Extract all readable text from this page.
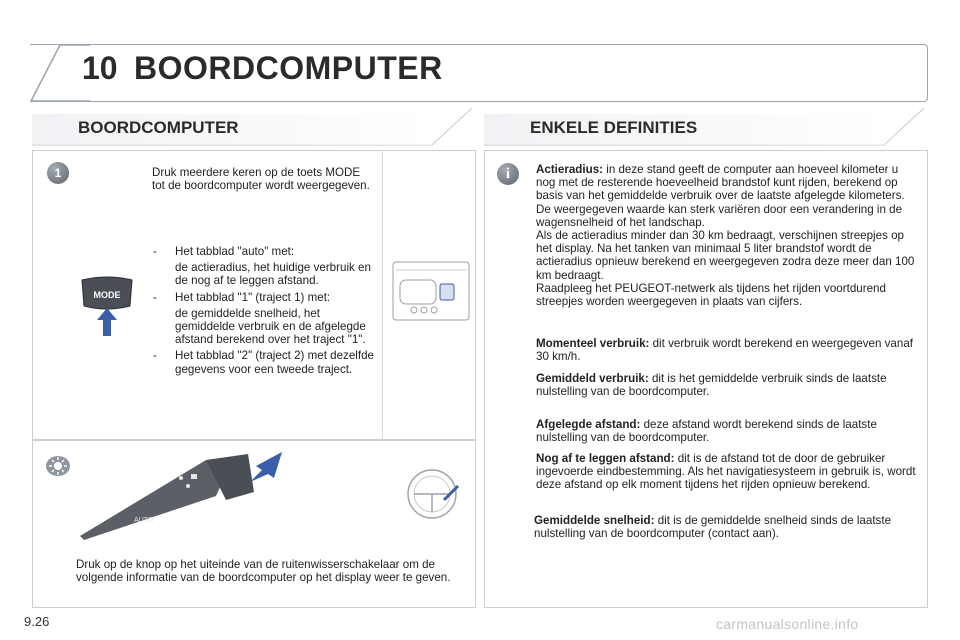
10 BOORDCOMPUTER
BOORDCOMPUTER	ENKELE DEFINITIES
1	Druk meerdere keren op de toets MODE tot de boordcomputer wordt weergegeven.
MODE
- Het tabblad "auto" met:
de actieradius, het huidige verbruik en de nog af te leggen afstand.
- Het tabblad "1" (traject 1) met:
de gemiddelde snelheid, het gemiddelde verbruik en de afgelegde afstand berekend over het traject "1".
- Het tabblad "2" (traject 2) met dezelfde gegevens voor een tweede traject.
AUTO
Druk op de knop op het uiteinde van de ruitenwisserschakelaar om de volgende informatie van de boordcomputer op het display weer te geven.
i	Actieradius: in deze stand geeft de computer aan hoeveel kilometer u nog met de resterende hoeveelheid brandstof kunt rijden, berekend op basis van het gemiddelde verbruik over de laatste afgelegde kilometers.
De weergegeven waarde kan sterk variëren door een verandering in de wagensnelheid of het landschap.
Als de actieradius minder dan 30 km bedraagt, verschijnen streepjes op het display. Na het tanken van minimaal 5 liter brandstof wordt de actieradius opnieuw berekend en weergegeven zodra deze meer dan 100 km bedraagt.
Raadpleeg het PEUGEOT-netwerk als tijdens het rijden voortdurend streepjes worden weergegeven in plaats van cijfers.
Momenteel verbruik: dit verbruik wordt berekend en weergegeven vanaf 30 km/h.
Gemiddeld verbruik: dit is het gemiddelde verbruik sinds de laatste nulstelling van de boordcomputer.
Afgelegde afstand: deze afstand wordt berekend sinds de laatste nulstelling van de boordcomputer.
Nog af te leggen afstand: dit is de afstand tot de door de gebruiker ingevoerde eindbestemming. Als het navigatiesysteem in gebruik is, wordt deze afstand op elk moment tijdens het rijden opnieuw berekend.
Gemiddelde snelheid: dit is de gemiddelde snelheid sinds de laatste nulstelling van de boordcomputer (contact aan).
9.26	carmanualsonline.info
